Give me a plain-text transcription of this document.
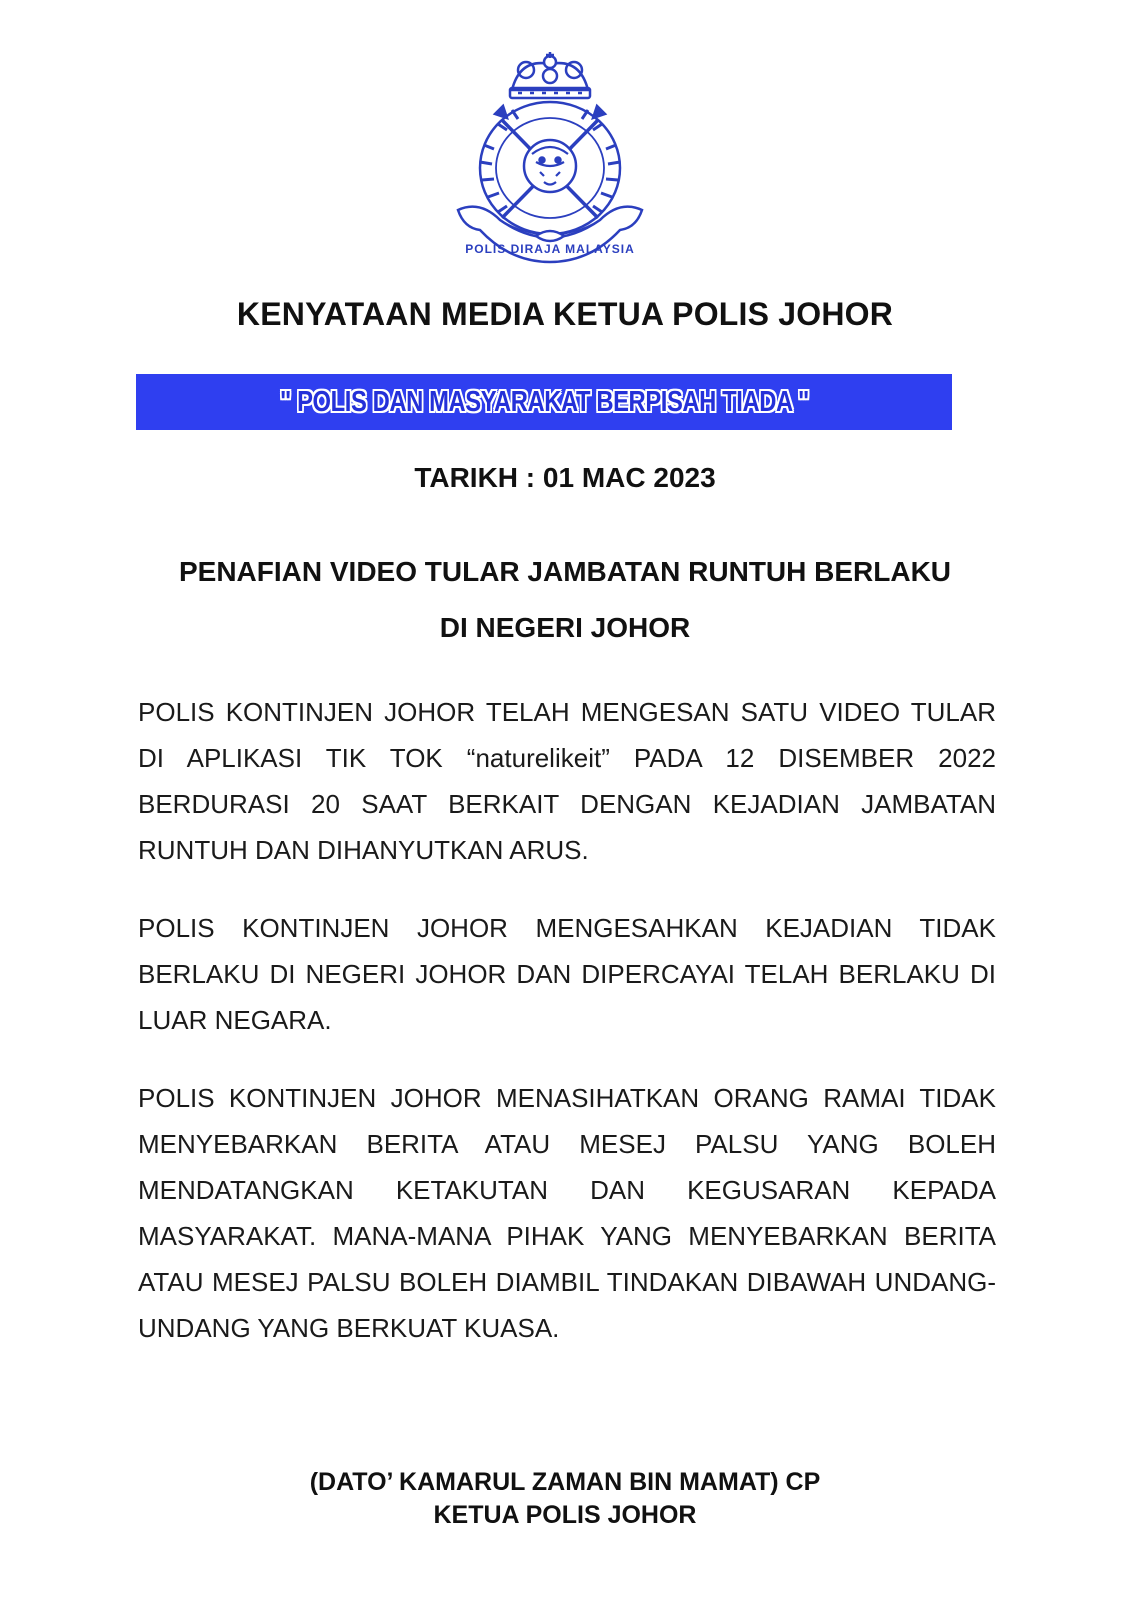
POLIS DIRAJA MALAYSIA
KENYATAAN MEDIA KETUA POLIS JOHOR
" POLIS DAN MASYARAKAT BERPISAH TIADA "
TARIKH : 01 MAC 2023
PENAFIAN VIDEO TULAR JAMBATAN RUNTUH BERLAKU
DI NEGERI JOHOR
POLIS KONTINJEN JOHOR TELAH MENGESAN SATU VIDEO TULAR DI APLIKASI TIK TOK “naturelikeit” PADA 12 DISEMBER 2022 BERDURASI 20 SAAT BERKAIT DENGAN KEJADIAN JAMBATAN RUNTUH DAN DIHANYUTKAN ARUS.
POLIS KONTINJEN JOHOR MENGESAHKAN KEJADIAN TIDAK BERLAKU DI NEGERI JOHOR DAN DIPERCAYAI TELAH BERLAKU DI LUAR NEGARA.
POLIS KONTINJEN JOHOR MENASIHATKAN ORANG RAMAI TIDAK MENYEBARKAN BERITA ATAU MESEJ PALSU YANG BOLEH MENDATANGKAN KETAKUTAN DAN KEGUSARAN KEPADA MASYARAKAT. MANA-MANA PIHAK YANG MENYEBARKAN BERITA ATAU MESEJ PALSU BOLEH DIAMBIL TINDAKAN DIBAWAH UNDANG-UNDANG YANG BERKUAT KUASA.
(DATO’ KAMARUL ZAMAN BIN MAMAT) CP
KETUA POLIS JOHOR
